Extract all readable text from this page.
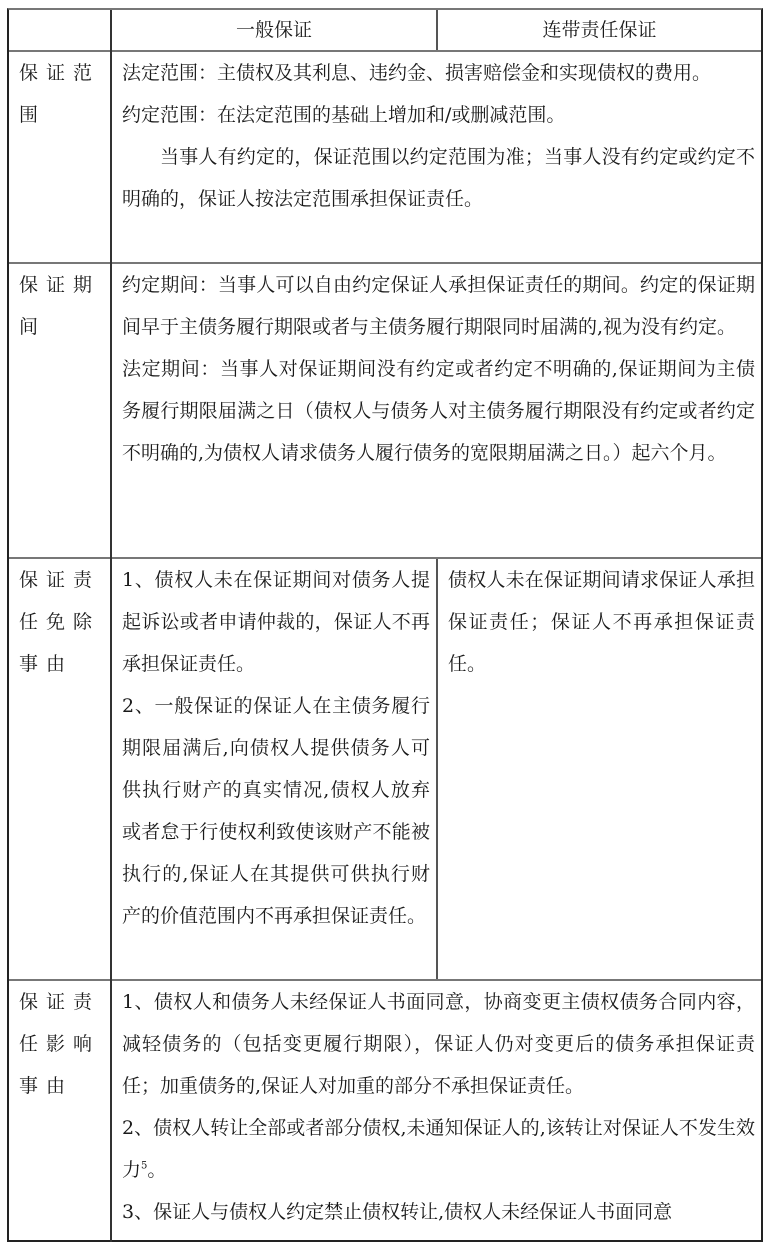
一般保证	连带责任保证
保证范围

法定范围：主债权及其利息、违约金、损害赔偿金和实现债权的费用。

约定范围：在法定范围的基础上增加和/或删减范围。

当事人有约定的，保证范围以约定范围为准；当事人没有约定或约定不明确的，保证人按法定范围承担保证责任。

保证期间

约定期间：当事人可以自由约定保证人承担保证责任的期间。约定的保证期间早于主债务履行期限或者与主债务履行期限同时届满的,视为没有约定。

法定期间：当事人对保证期间没有约定或者约定不明确的,保证期间为主债务履行期限届满之日（债权人与债务人对主债务履行期限没有约定或者约定不明确的,为债权人请求债务人履行债务的宽限期届满之日。）起六个月。

保证责任免除事由

1、债权人未在保证期间对债务人提起诉讼或者申请仲裁的，保证人不再承担保证责任。

2、一般保证的保证人在主债务履行期限届满后,向债权人提供债务人可供执行财产的真实情况,债权人放弃或者怠于行使权利致使该财产不能被执行的,保证人在其提供可供执行财产的价值范围内不再承担保证责任。

债权人未在保证期间请求保证人承担保证责任；保证人不再承担保证责任。

保证责任影响事由

1、债权人和债务人未经保证人书面同意，协商变更主债权债务合同内容，减轻债务的（包括变更履行期限），保证人仍对变更后的债务承担保证责任；加重债务的,保证人对加重的部分不承担保证责任。

2、债权人转让全部或者部分债权,未通知保证人的,该转让对保证人不发生效力$^5$。

3、保证人与债权人约定禁止债权转让,债权人未经保证人书面同意
